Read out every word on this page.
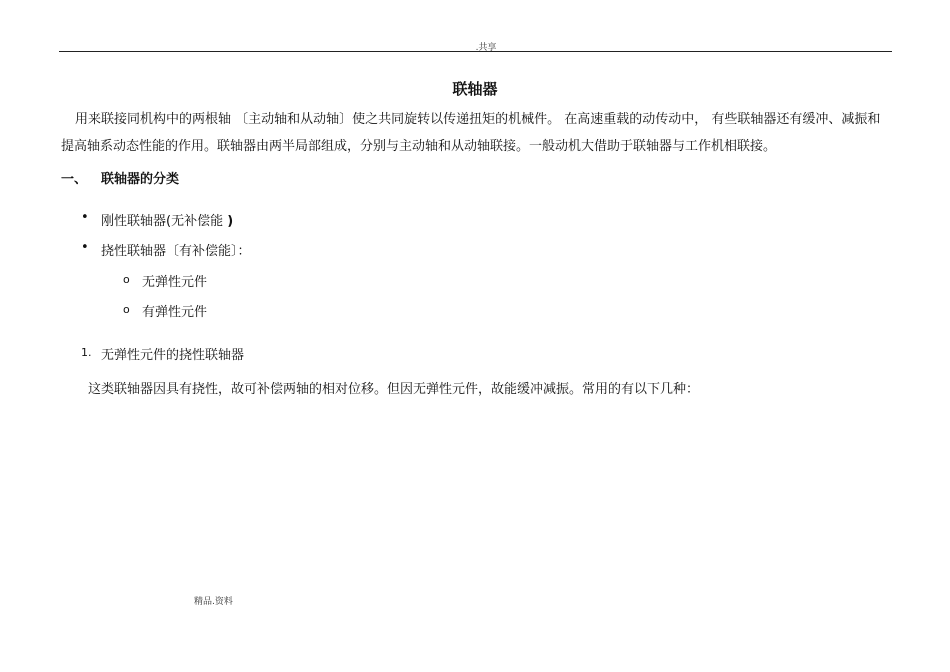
.共享
联轴器
用来联接同机构中的两根轴 〔主动轴和从动轴〕使之共同旋转以传递扭矩的机械件。 在高速重载的动传动中， 有些联轴器还有缓冲、减振和提高轴系动态性能的作用。联轴器由两半局部组成，分别与主动轴和从动轴联接。一般动机大借助于联轴器与工作机相联接。
一、 联轴器的分类
• 刚性联轴器(无补偿能 )
• 挠性联轴器〔有补偿能〕：
o 无弹性元件
o 有弹性元件
1. 无弹性元件的挠性联轴器
这类联轴器因具有挠性，故可补偿两轴的相对位移。但因无弹性元件，故能缓冲减振。常用的有以下几种：
精品.资料
